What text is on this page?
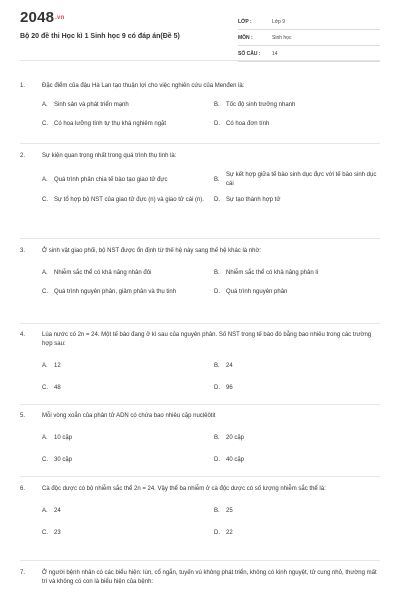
2048.vn
Bộ 20 đề thi Học kì 1 Sinh học 9 có đáp án(Đề 5)
LỚP :	Lớp 9
MÔN :	Sinh học
SỐ CÂU :	14
1.	Đặc điểm của đậu Hà Lan tạo thuận lợi cho việc nghiên cứu của Menđen là:
A.	Sinh sản và phát triển mạnh	B.	Tốc độ sinh trưởng nhanh
C.	Có hoa lưỡng tính tự thụ khá nghiêm ngặt	D.	Có hoa đơn tính
2.	Sự kiện quan trọng nhất trong quá trình thụ tinh là:
A.	Quá trình phân chia tế bào tạo giao tử đực	B.
Sự kết hợp giữa tế bào sinh dục đực với tế bào sinh dục cái
C.	Sự tổ hợp bộ NST của giao tử đực (n) và giao tử cái (n). D.	Sự tạo thành hợp tử
3.	Ở sinh vật giao phối, bộ NST được ổn định từ thế hệ này sang thế hệ khác là nhờ:
A.	Nhiễm sắc thể có khả năng nhân đôi	B.	Nhiễm sắc thể có khả năng phân li
C.	Quá trình nguyên phân, giảm phân và thụ tinh	D.	Quá trình nguyên phân
4.	Lúa nước có 2n = 24. Một tế bào đang ở kì sau của nguyên phân. Số NST trong tế bào đó bằng bao nhiêu trong các trường hợp sau:
A.	12	B.	24
C.	48	D.	96
5.	Mỗi vòng xoắn của phân tử ADN có chứa bao nhiêu cặp nuclêôtit
A.	10 cặp	B.	20 cặp
C.	30 cặp	D.	40 cặp
6.	Cà độc dược có bộ nhiễm sắc thể 2n = 24. Vậy thể ba nhiễm ở cà độc dược có số lượng nhiễm sắc thể là:
A.	24	B.	25
C.	23	D.	22
7.	Ở người bệnh nhân có các biểu hiện: lùn, cổ ngắn, tuyến vú không phát triển, không có kinh nguyệt, tử cung nhỏ, thường mất trí và không có con là biểu hiện của bệnh:
